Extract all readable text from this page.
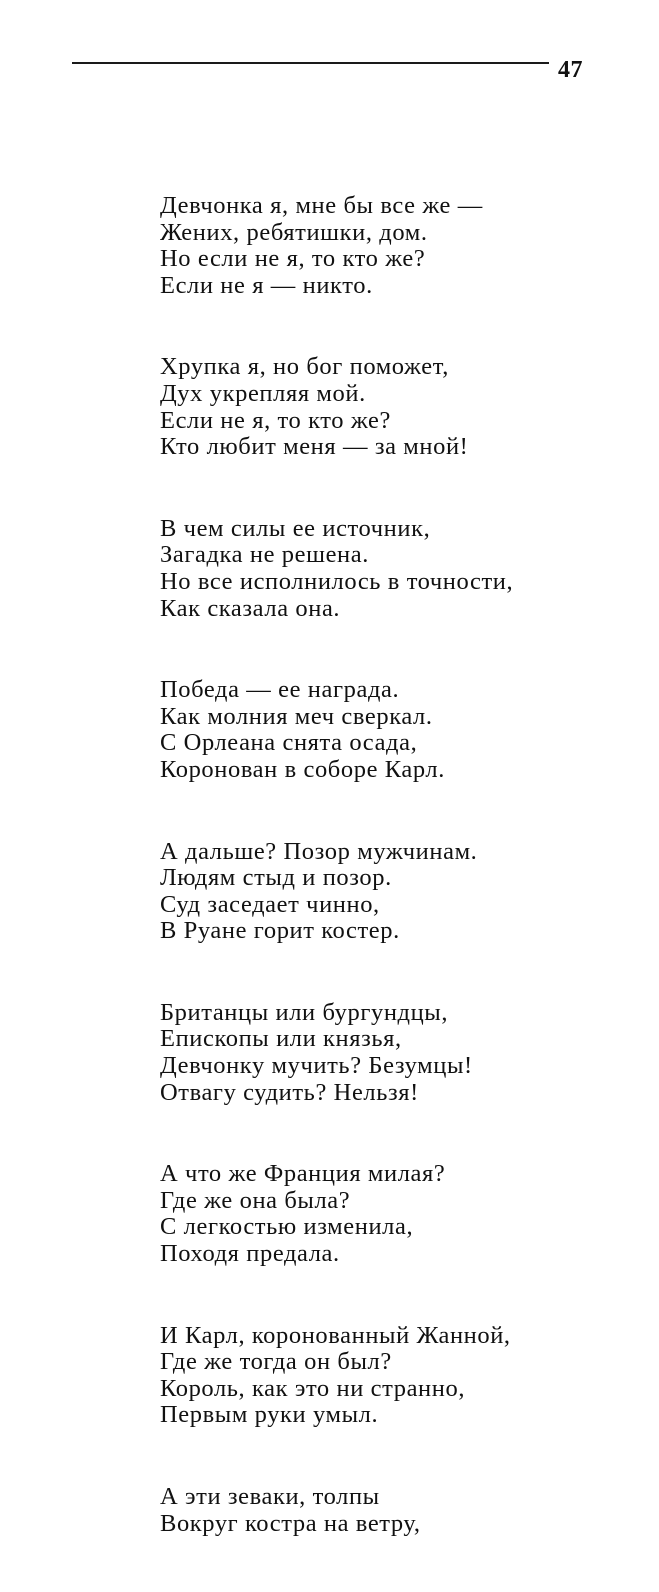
47
Девчонка я, мне бы все же —
Жених, ребятишки, дом.
Но если не я, то кто же?
Если не я — никто.
Хрупка я, но бог поможет,
Дух укрепляя мой.
Если не я, то кто же?
Кто любит меня — за мной!
В чем силы ее источник,
Загадка не решена.
Но все исполнилось в точности,
Как сказала она.
Победа — ее награда.
Как молния меч сверкал.
С Орлеана снята осада,
Коронован в соборе Карл.
А дальше? Позор мужчинам.
Людям стыд и позор.
Суд заседает чинно,
В Руане горит костер.
Британцы или бургундцы,
Епископы или князья,
Девчонку мучить? Безумцы!
Отвагу судить? Нельзя!
А что же Франция милая?
Где же она была?
С легкостью изменила,
Походя предала.
И Карл, коронованный Жанной,
Где же тогда он был?
Король, как это ни странно,
Первым руки умыл.
А эти зеваки, толпы
Вокруг костра на ветру,
